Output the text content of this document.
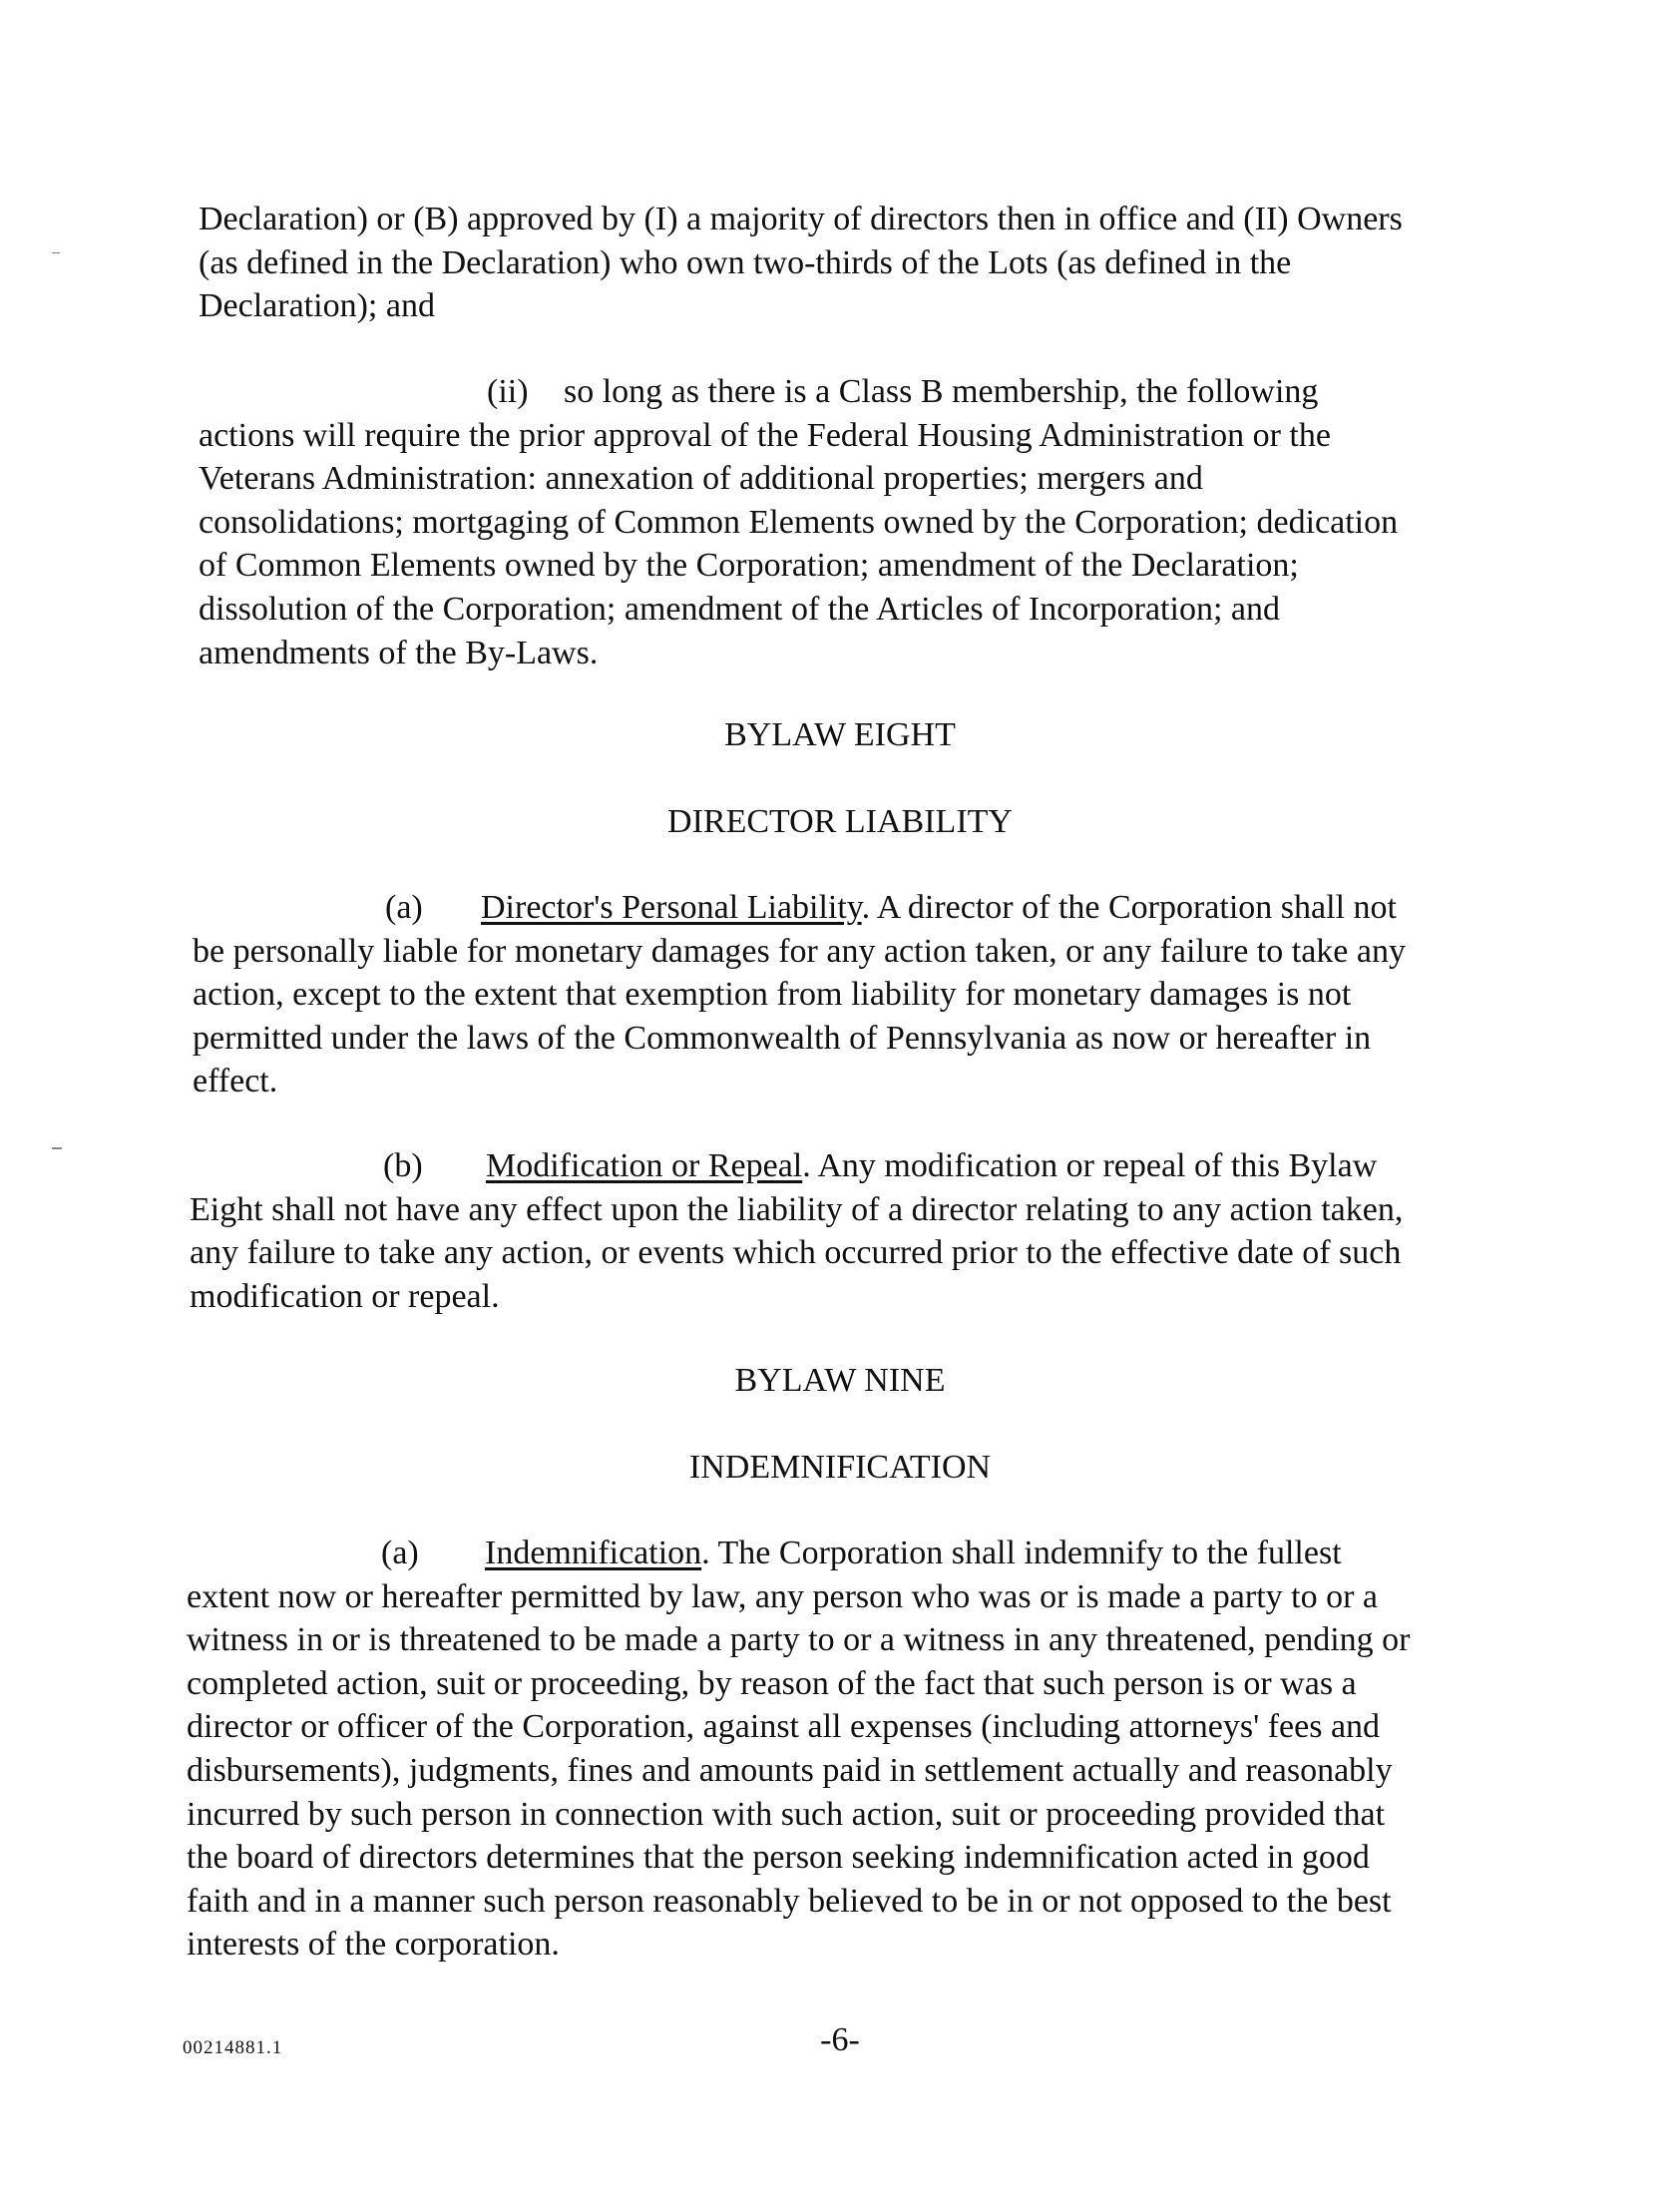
Declaration) or (B) approved by (I) a majority of directors then in office and (II) Owners
(as defined in the Declaration) who own two-thirds of the Lots (as defined in the
Declaration); and
(ii) so long as there is a Class B membership, the following
actions will require the prior approval of the Federal Housing Administration or the
Veterans Administration: annexation of additional properties; mergers and
consolidations; mortgaging of Common Elements owned by the Corporation; dedication
of Common Elements owned by the Corporation; amendment of the Declaration;
dissolution of the Corporation; amendment of the Articles of Incorporation; and
amendments of the By-Laws.
BYLAW EIGHT
DIRECTOR LIABILITY
(a) Director's Personal Liability. A director of the Corporation shall not
be personally liable for monetary damages for any action taken, or any failure to take any
action, except to the extent that exemption from liability for monetary damages is not
permitted under the laws of the Commonwealth of Pennsylvania as now or hereafter in
effect.
(b) Modification or Repeal. Any modification or repeal of this Bylaw
Eight shall not have any effect upon the liability of a director relating to any action taken,
any failure to take any action, or events which occurred prior to the effective date of such
modification or repeal.
BYLAW NINE
INDEMNIFICATION
(a) Indemnification. The Corporation shall indemnify to the fullest
extent now or hereafter permitted by law, any person who was or is made a party to or a
witness in or is threatened to be made a party to or a witness in any threatened, pending or
completed action, suit or proceeding, by reason of the fact that such person is or was a
director or officer of the Corporation, against all expenses (including attorneys' fees and
disbursements), judgments, fines and amounts paid in settlement actually and reasonably
incurred by such person in connection with such action, suit or proceeding provided that
the board of directors determines that the person seeking indemnification acted in good
faith and in a manner such person reasonably believed to be in or not opposed to the best
interests of the corporation.
00214881.1	-6-
